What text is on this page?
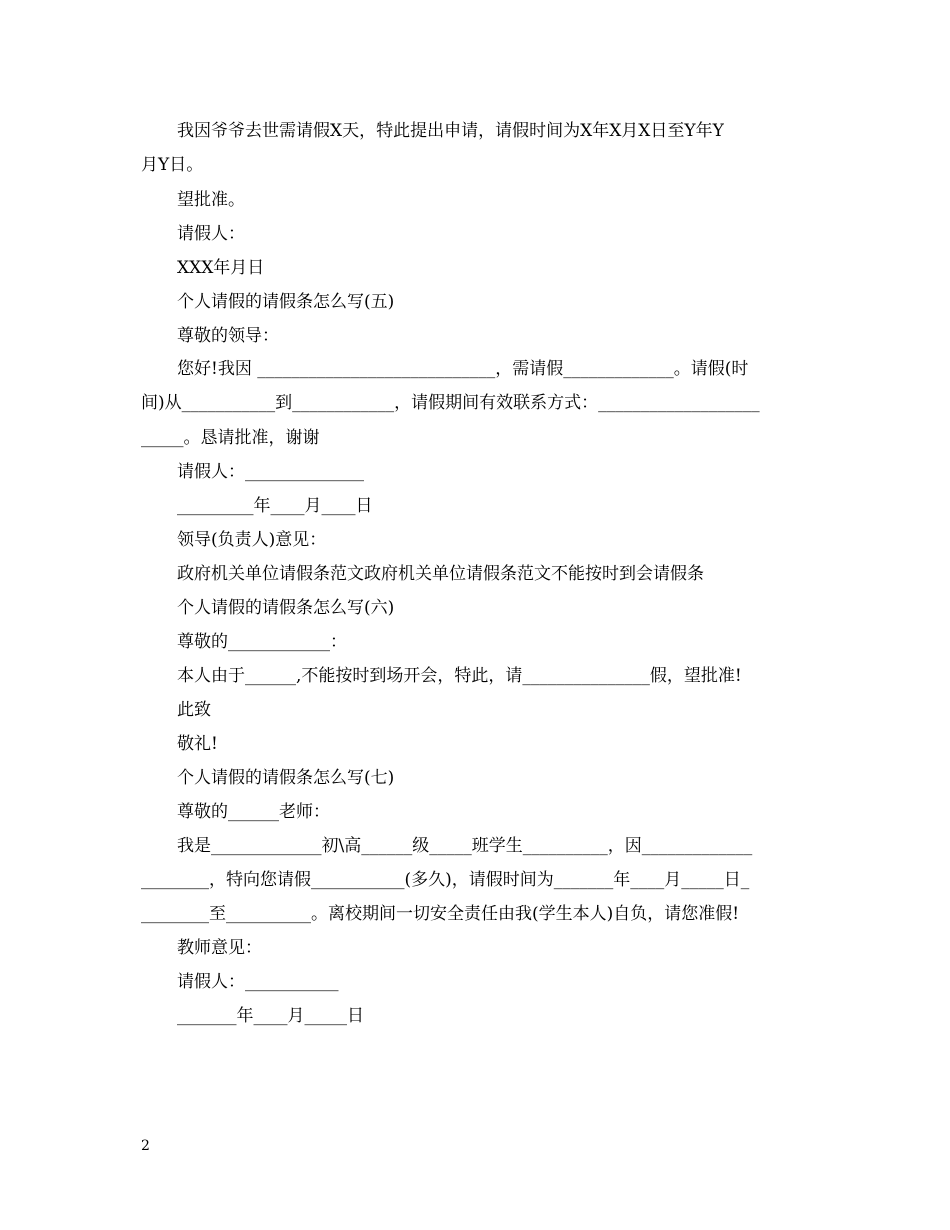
我因爷爷去世需请假X天，特此提出申请，请假时间为X年X月X日至Y年Y
月Y日。
望批准。
请假人：
XXX年月日
个人请假的请假条怎么写(五)
尊敬的领导：
您好!我因 ____________________________，需请假_____________。请假(时
间)从___________到____________，请假期间有效联系方式：___________________
_____。恳请批准，谢谢
请假人：______________
_________年____月____日
领导(负责人)意见：
政府机关单位请假条范文政府机关单位请假条范文不能按时到会请假条
个人请假的请假条怎么写(六)
尊敬的____________：
本人由于______,不能按时到场开会，特此，请_______________假，望批准!
此致
敬礼!
个人请假的请假条怎么写(七)
尊敬的______老师：
我是_____________初\高______级_____班学生__________，因_____________
________，特向您请假___________(多久)，请假时间为_______年____月_____日_
________至__________。离校期间一切安全责任由我(学生本人)自负，请您准假!
教师意见：
请假人：___________
_______年____月_____日
2
